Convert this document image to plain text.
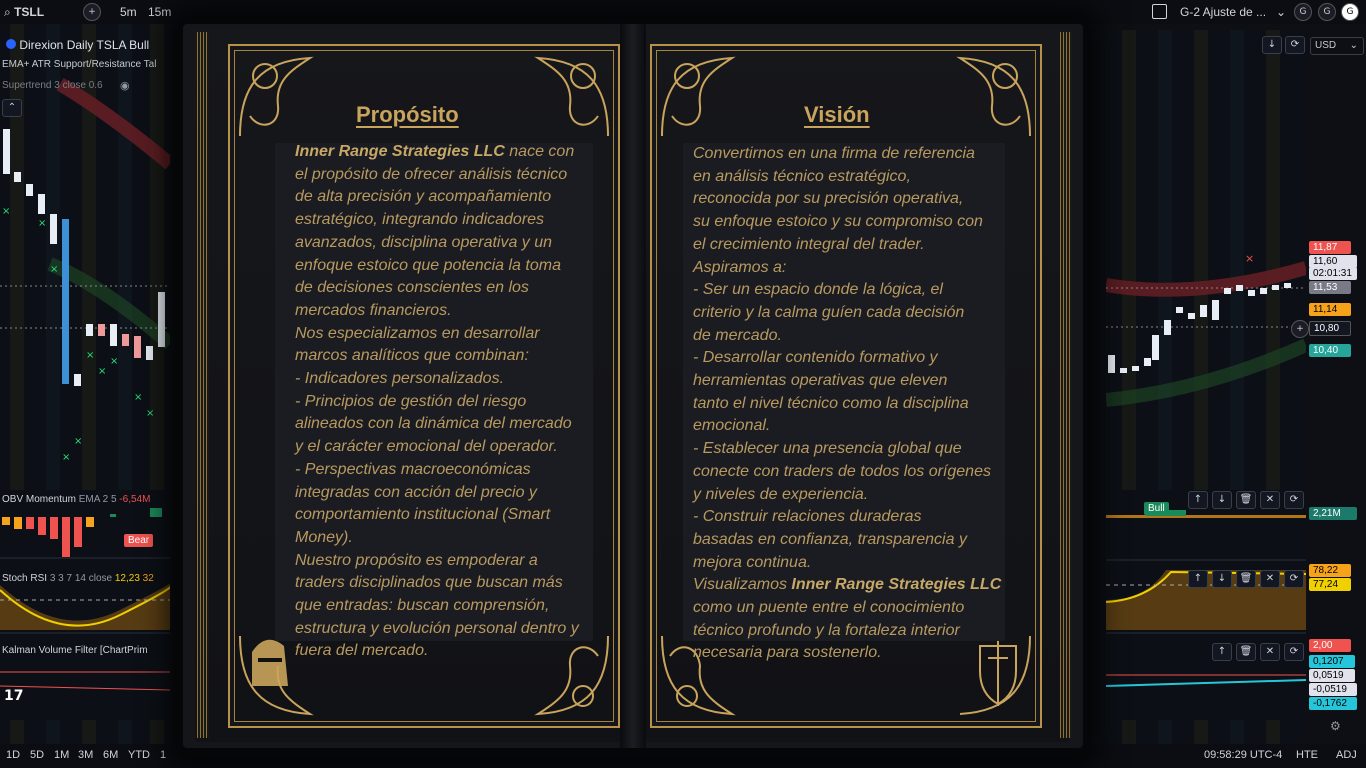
×
×
×
×
×
×
×
×
×
×
×
Direxion Daily TSLA Bull
EMA+ ATR Support/Resistance Tal
Supertrend 3 close 0.6 ◉
⌃
OBV Momentum EMA 2 5 -6,54M
Bear
Stoch RSI 3 3 7 14 close 12,23 32
Kalman Volume Filter [ChartPrim
17
↓	⟳	USD ⌄
11,87
11,60
02:01:31
11,53
11,14
+	10,80
10,40
Bull
↑	↓	🗑	✕	⟳
2,21M
↑	↓	🗑	✕	⟳
78,22
77,24
↑	🗑	✕	⟳
2,00
0,1207
0,0519
-0,0519
-0,1762
⚙
⌕ TSLL	+	5m 15m	G-2 Ajuste de ... ⌄	G	G	G
1D 5D 1M 3M 6M YTD 1	09:58:29 UTC-4 HTE ADJ
Propósito	Visión
Inner Range Strategies LLC nace con
el propósito de ofrecer análisis técnico
de alta precisión y acompañamiento
estratégico, integrando indicadores
avanzados, disciplina operativa y un
enfoque estoico que potencia la toma
de decisiones conscientes en los
mercados financieros.
Nos especializamos en desarrollar
marcos analíticos que combinan:
- Indicadores personalizados.
- Principios de gestión del riesgo
alineados con la dinámica del mercado
y el carácter emocional del operador.
- Perspectivas macroeconómicas
integradas con acción del precio y
comportamiento institucional (Smart
Money).
Nuestro propósito es empoderar a
traders disciplinados que buscan más
que entradas: buscan comprensión,
estructura y evolución personal dentro y
fuera del mercado.
Convertirnos en una firma de referencia
en análisis técnico estratégico,
reconocida por su precisión operativa,
su enfoque estoico y su compromiso con
el crecimiento integral del trader.
Aspiramos a:
- Ser un espacio donde la lógica, el
criterio y la calma guíen cada decisión
de mercado.
- Desarrollar contenido formativo y
herramientas operativas que eleven
tanto el nivel técnico como la disciplina
emocional.
- Establecer una presencia global que
conecte con traders de todos los orígenes
y niveles de experiencia.
- Construir relaciones duraderas
basadas en confianza, transparencia y
mejora continua.
Visualizamos Inner Range Strategies LLC
como un puente entre el conocimiento
técnico profundo y la fortaleza interior
necesaria para sostenerlo.
